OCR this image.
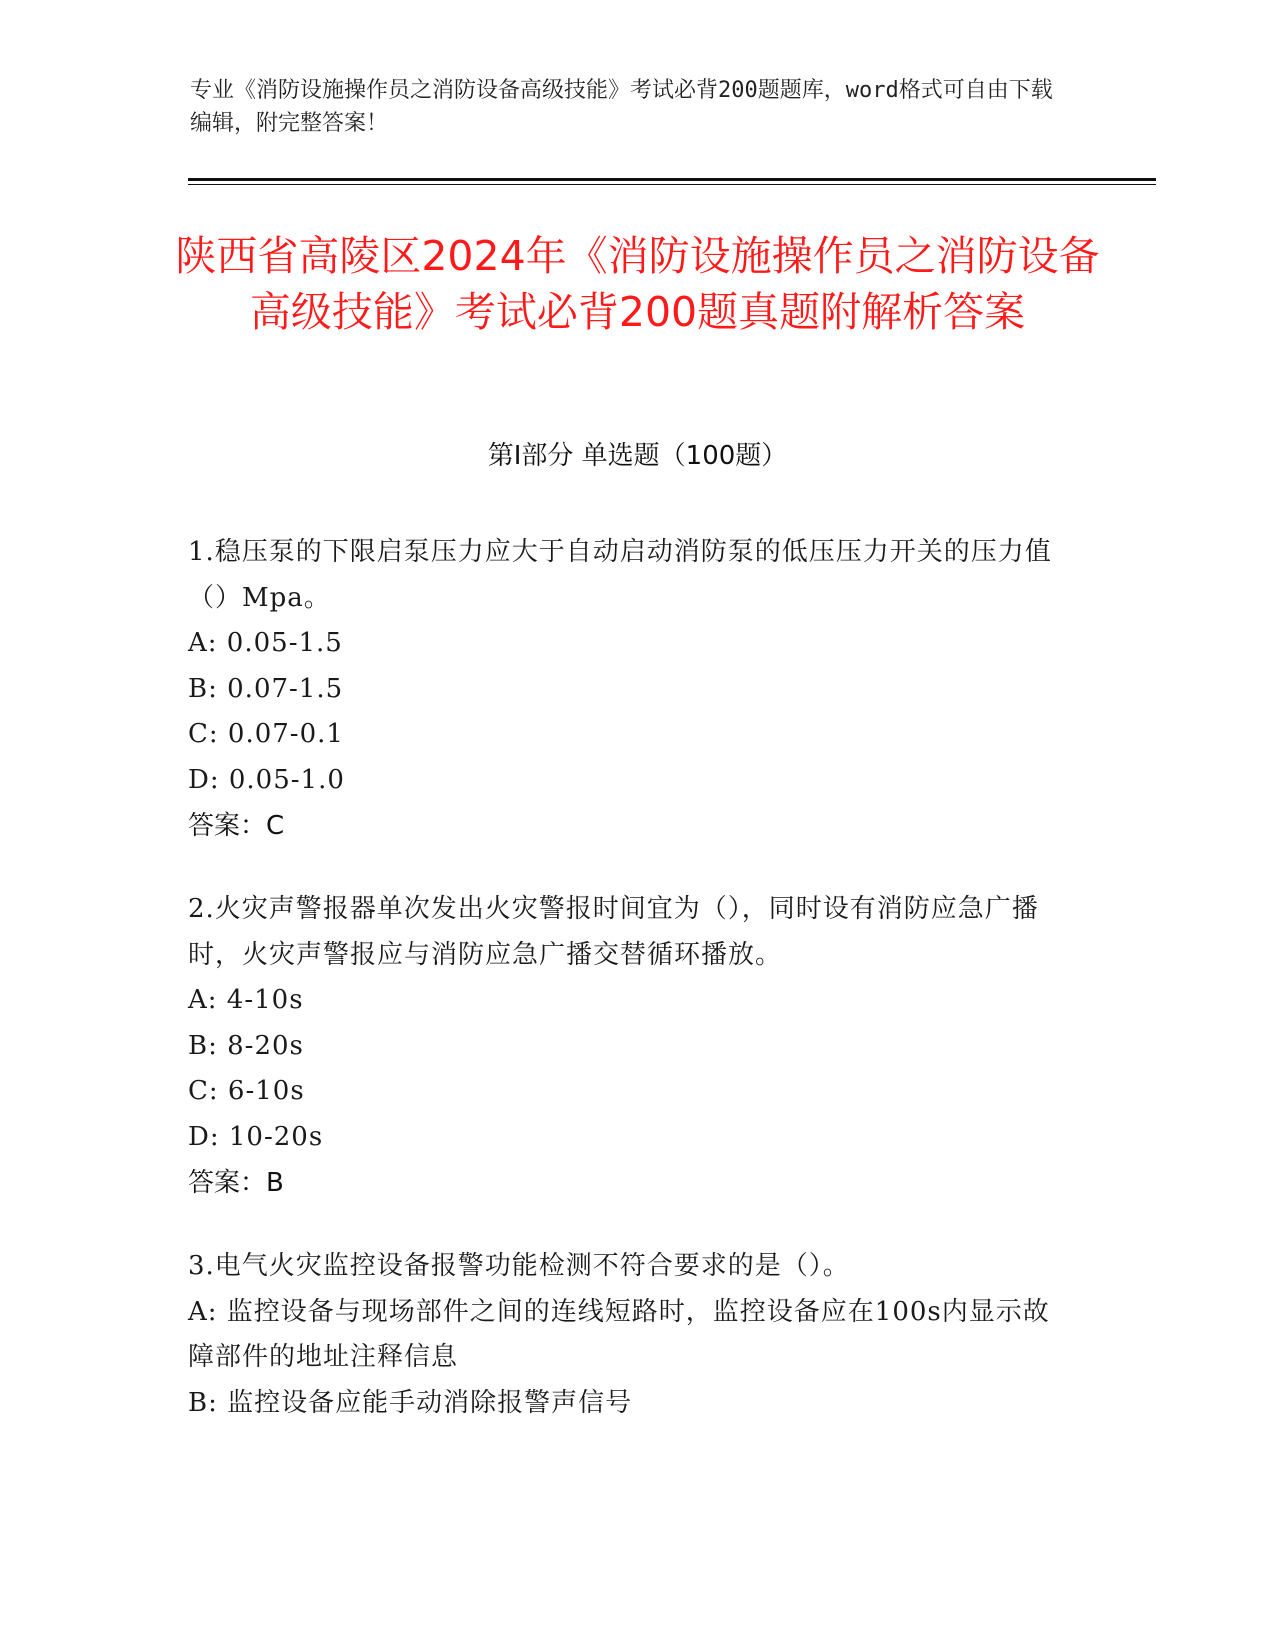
专业《消防设施操作员之消防设备高级技能》考试必背200题题库，word格式可自由下载编辑，附完整答案！
陕西省高陵区2024年《消防设施操作员之消防设备高级技能》考试必背200题真题附解析答案
第I部分 单选题（100题）
1.稳压泵的下限启泵压力应大于自动启动消防泵的低压压力开关的压力值（）Mpa。
A: 0.05-1.5
B: 0.07-1.5
C: 0.07-0.1
D: 0.05-1.0
答案：C
2.火灾声警报器单次发出火灾警报时间宜为（），同时设有消防应急广播时，火灾声警报应与消防应急广播交替循环播放。
A: 4-10s
B: 8-20s
C: 6-10s
D: 10-20s
答案：B
3.电气火灾监控设备报警功能检测不符合要求的是（）。
A: 监控设备与现场部件之间的连线短路时，监控设备应在100s内显示故障部件的地址注释信息
B: 监控设备应能手动消除报警声信号
